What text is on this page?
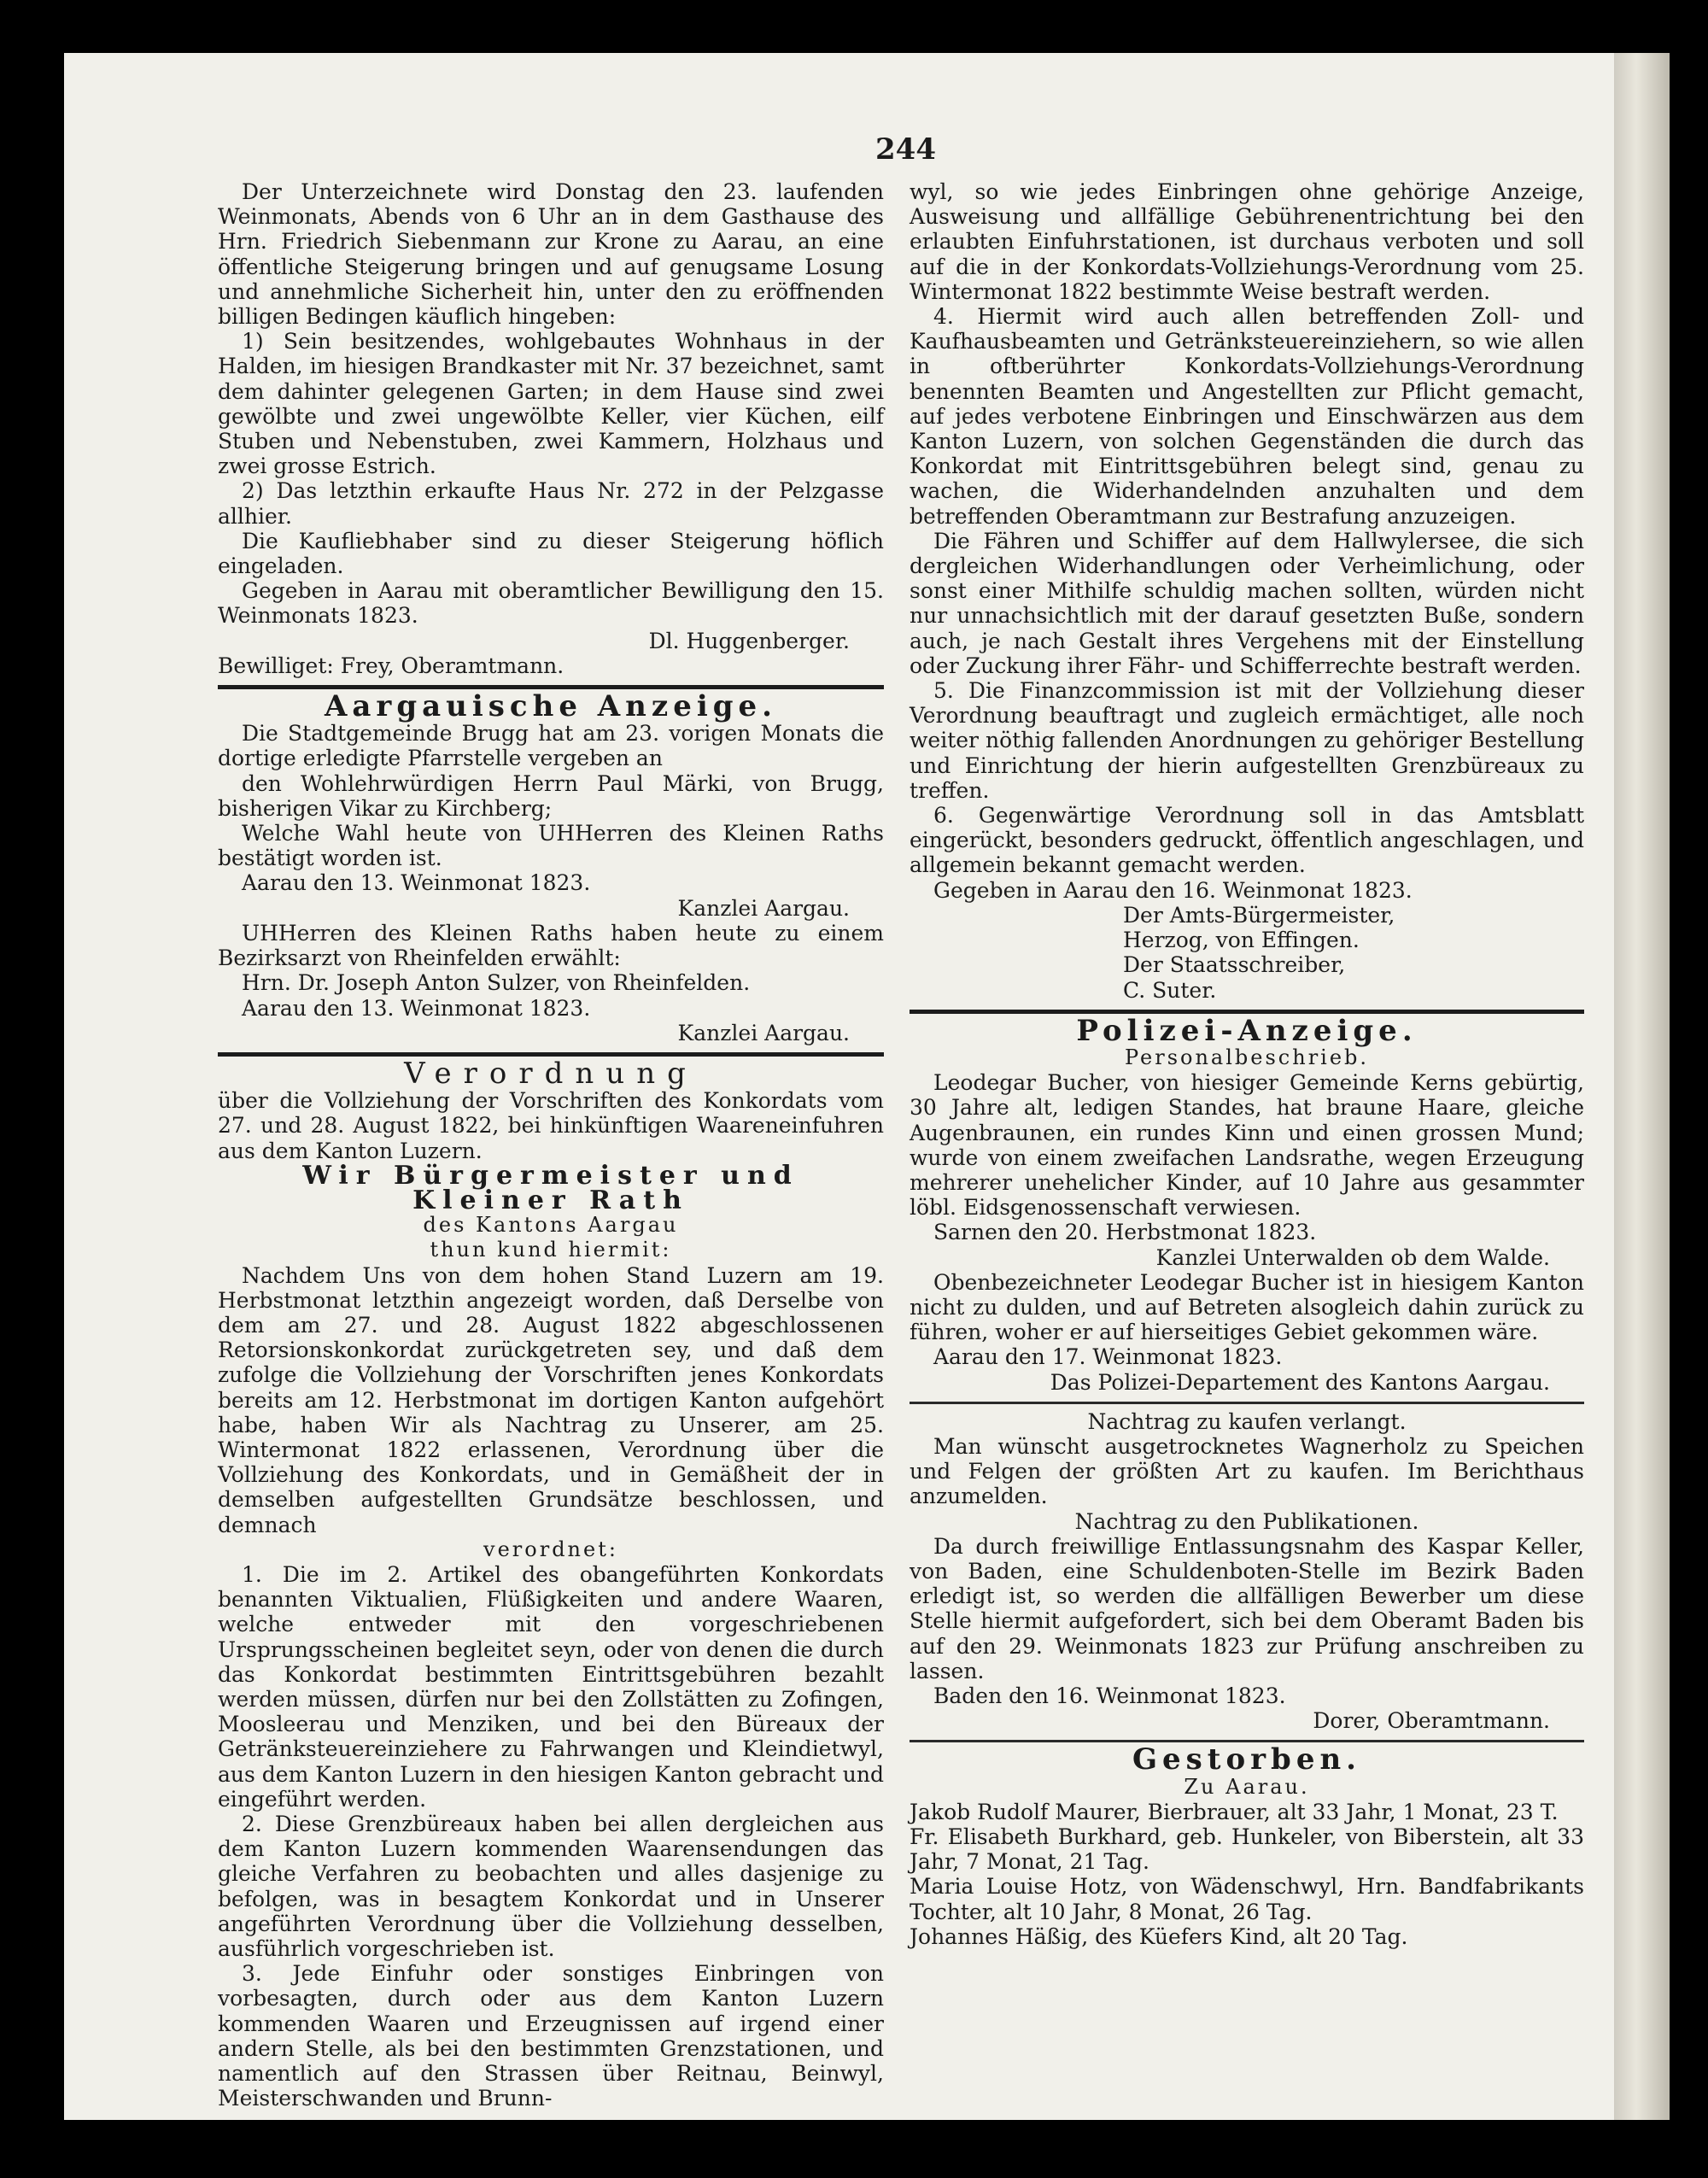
244

Der Unterzeichnete wird Donstag den 23. laufenden Weinmonats, Abends von 6 Uhr an in dem Gasthause des Hrn. Friedrich Siebenmann zur Krone zu Aarau, an eine öffentliche Steigerung bringen und auf genugsame Losung und annehmliche Sicherheit hin, unter den zu eröffnenden billigen Bedingen käuflich hingeben:

1) Sein besitzendes, wohlgebautes Wohnhaus in der Halden, im hiesigen Brandkaster mit Nr. 37 bezeichnet, samt dem dahinter gelegenen Garten; in dem Hause sind zwei gewölbte und zwei ungewölbte Keller, vier Küchen, eilf Stuben und Nebenstuben, zwei Kammern, Holzhaus und zwei grosse Estrich.

2) Das letzthin erkaufte Haus Nr. 272 in der Pelzgasse allhier.

Die Kaufliebhaber sind zu dieser Steigerung höflich eingeladen.

Gegeben in Aarau mit oberamtlicher Bewilligung den 15. Weinmonats 1823.

Dl. Huggenberger.

Bewilliget: Frey, Oberamtmann.

Aargauische Anzeige.

Die Stadtgemeinde Brugg hat am 23. vorigen Monats die dortige erledigte Pfarrstelle vergeben an

den Wohlehrwürdigen Herrn Paul Märki, von Brugg, bisherigen Vikar zu Kirchberg;

Welche Wahl heute von UHHerren des Kleinen Raths bestätigt worden ist.

Aarau den 13. Weinmonat 1823.

Kanzlei Aargau.

UHHerren des Kleinen Raths haben heute zu einem Bezirksarzt von Rheinfelden erwählt:

Hrn. Dr. Joseph Anton Sulzer, von Rheinfelden.

Aarau den 13. Weinmonat 1823.

Kanzlei Aargau.

Verordnung

über die Vollziehung der Vorschriften des Konkordats vom 27. und 28. August 1822, bei hinkünftigen Waareneinfuhren aus dem Kanton Luzern.

Wir Bürgermeister und Kleiner Rath
des Kantons Aargau
thun kund hiermit:

Nachdem Uns von dem hohen Stand Luzern am 19. Herbstmonat letzthin angezeigt worden, daß Derselbe von dem am 27. und 28. August 1822 abgeschlossenen Retorsionskonkordat zurückgetreten sey, und daß dem zufolge die Vollziehung der Vorschriften jenes Konkordats bereits am 12. Herbstmonat im dortigen Kanton aufgehört habe, haben Wir als Nachtrag zu Unserer, am 25. Wintermonat 1822 erlassenen, Verordnung über die Vollziehung des Konkordats, und in Gemäßheit der in demselben aufgestellten Grundsätze beschlossen, und demnach

verordnet:

1. Die im 2. Artikel des obangeführten Konkordats benannten Viktualien, Flüßigkeiten und andere Waaren, welche entweder mit den vorgeschriebenen Ursprungsscheinen begleitet seyn, oder von denen die durch das Konkordat bestimmten Eintrittsgebühren bezahlt werden müssen, dürfen nur bei den Zollstätten zu Zofingen, Moosleerau und Menziken, und bei den Büreaux der Getränksteuereinziehere zu Fahrwangen und Kleindietwyl, aus dem Kanton Luzern in den hiesigen Kanton gebracht und eingeführt werden.

2. Diese Grenzbüreaux haben bei allen dergleichen aus dem Kanton Luzern kommenden Waarensendungen das gleiche Verfahren zu beobachten und alles dasjenige zu befolgen, was in besagtem Konkordat und in Unserer angeführten Verordnung über die Vollziehung desselben, ausführlich vorgeschrieben ist.

3. Jede Einfuhr oder sonstiges Einbringen von vorbesagten, durch oder aus dem Kanton Luzern kommenden Waaren und Erzeugnissen auf irgend einer andern Stelle, als bei den bestimmten Grenzstationen, und namentlich auf den Strassen über Reitnau, Beinwyl, Meisterschwanden und Brunn-

wyl, so wie jedes Einbringen ohne gehörige Anzeige, Ausweisung und allfällige Gebührenentrichtung bei den erlaubten Einfuhrstationen, ist durchaus verboten und soll auf die in der Konkordats-Vollziehungs-Verordnung vom 25. Wintermonat 1822 bestimmte Weise bestraft werden.

4. Hiermit wird auch allen betreffenden Zoll- und Kaufhausbeamten und Getränksteuereinziehern, so wie allen in oftberührter Konkordats-Vollziehungs-Verordnung benennten Beamten und Angestellten zur Pflicht gemacht, auf jedes verbotene Einbringen und Einschwärzen aus dem Kanton Luzern, von solchen Gegenständen die durch das Konkordat mit Eintrittsgebühren belegt sind, genau zu wachen, die Widerhandelnden anzuhalten und dem betreffenden Oberamtmann zur Bestrafung anzuzeigen.

Die Fähren und Schiffer auf dem Hallwylersee, die sich dergleichen Widerhandlungen oder Verheimlichung, oder sonst einer Mithilfe schuldig machen sollten, würden nicht nur unnachsichtlich mit der darauf gesetzten Buße, sondern auch, je nach Gestalt ihres Vergehens mit der Einstellung oder Zuckung ihrer Fähr- und Schifferrechte bestraft werden.

5. Die Finanzcommission ist mit der Vollziehung dieser Verordnung beauftragt und zugleich ermächtiget, alle noch weiter nöthig fallenden Anordnungen zu gehöriger Bestellung und Einrichtung der hierin aufgestellten Grenzbüreaux zu treffen.

6. Gegenwärtige Verordnung soll in das Amtsblatt eingerückt, besonders gedruckt, öffentlich angeschlagen, und allgemein bekannt gemacht werden.

Gegeben in Aarau den 16. Weinmonat 1823.

Der Amts-Bürgermeister,

Herzog, von Effingen.

Der Staatsschreiber,

C. Suter.

Polizei-Anzeige.
Personalbeschrieb.

Leodegar Bucher, von hiesiger Gemeinde Kerns gebürtig, 30 Jahre alt, ledigen Standes, hat braune Haare, gleiche Augenbraunen, ein rundes Kinn und einen grossen Mund; wurde von einem zweifachen Landsrathe, wegen Erzeugung mehrerer unehelicher Kinder, auf 10 Jahre aus gesammter löbl. Eidsgenossenschaft verwiesen.

Sarnen den 20. Herbstmonat 1823.

Kanzlei Unterwalden ob dem Walde.

Obenbezeichneter Leodegar Bucher ist in hiesigem Kanton nicht zu dulden, und auf Betreten alsogleich dahin zurück zu führen, woher er auf hierseitiges Gebiet gekommen wäre.

Aarau den 17. Weinmonat 1823.

Das Polizei-Departement des Kantons Aargau.

Nachtrag zu kaufen verlangt.

Man wünscht ausgetrocknetes Wagnerholz zu Speichen und Felgen der größten Art zu kaufen. Im Berichthaus anzumelden.

Nachtrag zu den Publikationen.

Da durch freiwillige Entlassungsnahm des Kaspar Keller, von Baden, eine Schuldenboten-Stelle im Bezirk Baden erledigt ist, so werden die allfälligen Bewerber um diese Stelle hiermit aufgefordert, sich bei dem Oberamt Baden bis auf den 29. Weinmonats 1823 zur Prüfung anschreiben zu lassen.

Baden den 16. Weinmonat 1823.

Dorer, Oberamtmann.

Gestorben.
Zu Aarau.

Jakob Rudolf Maurer, Bierbrauer, alt 33 Jahr, 1 Monat, 23 T.

Fr. Elisabeth Burkhard, geb. Hunkeler, von Biberstein, alt 33 Jahr, 7 Monat, 21 Tag.

Maria Louise Hotz, von Wädenschwyl, Hrn. Bandfabrikants Tochter, alt 10 Jahr, 8 Monat, 26 Tag.

Johannes Häßig, des Küefers Kind, alt 20 Tag.
